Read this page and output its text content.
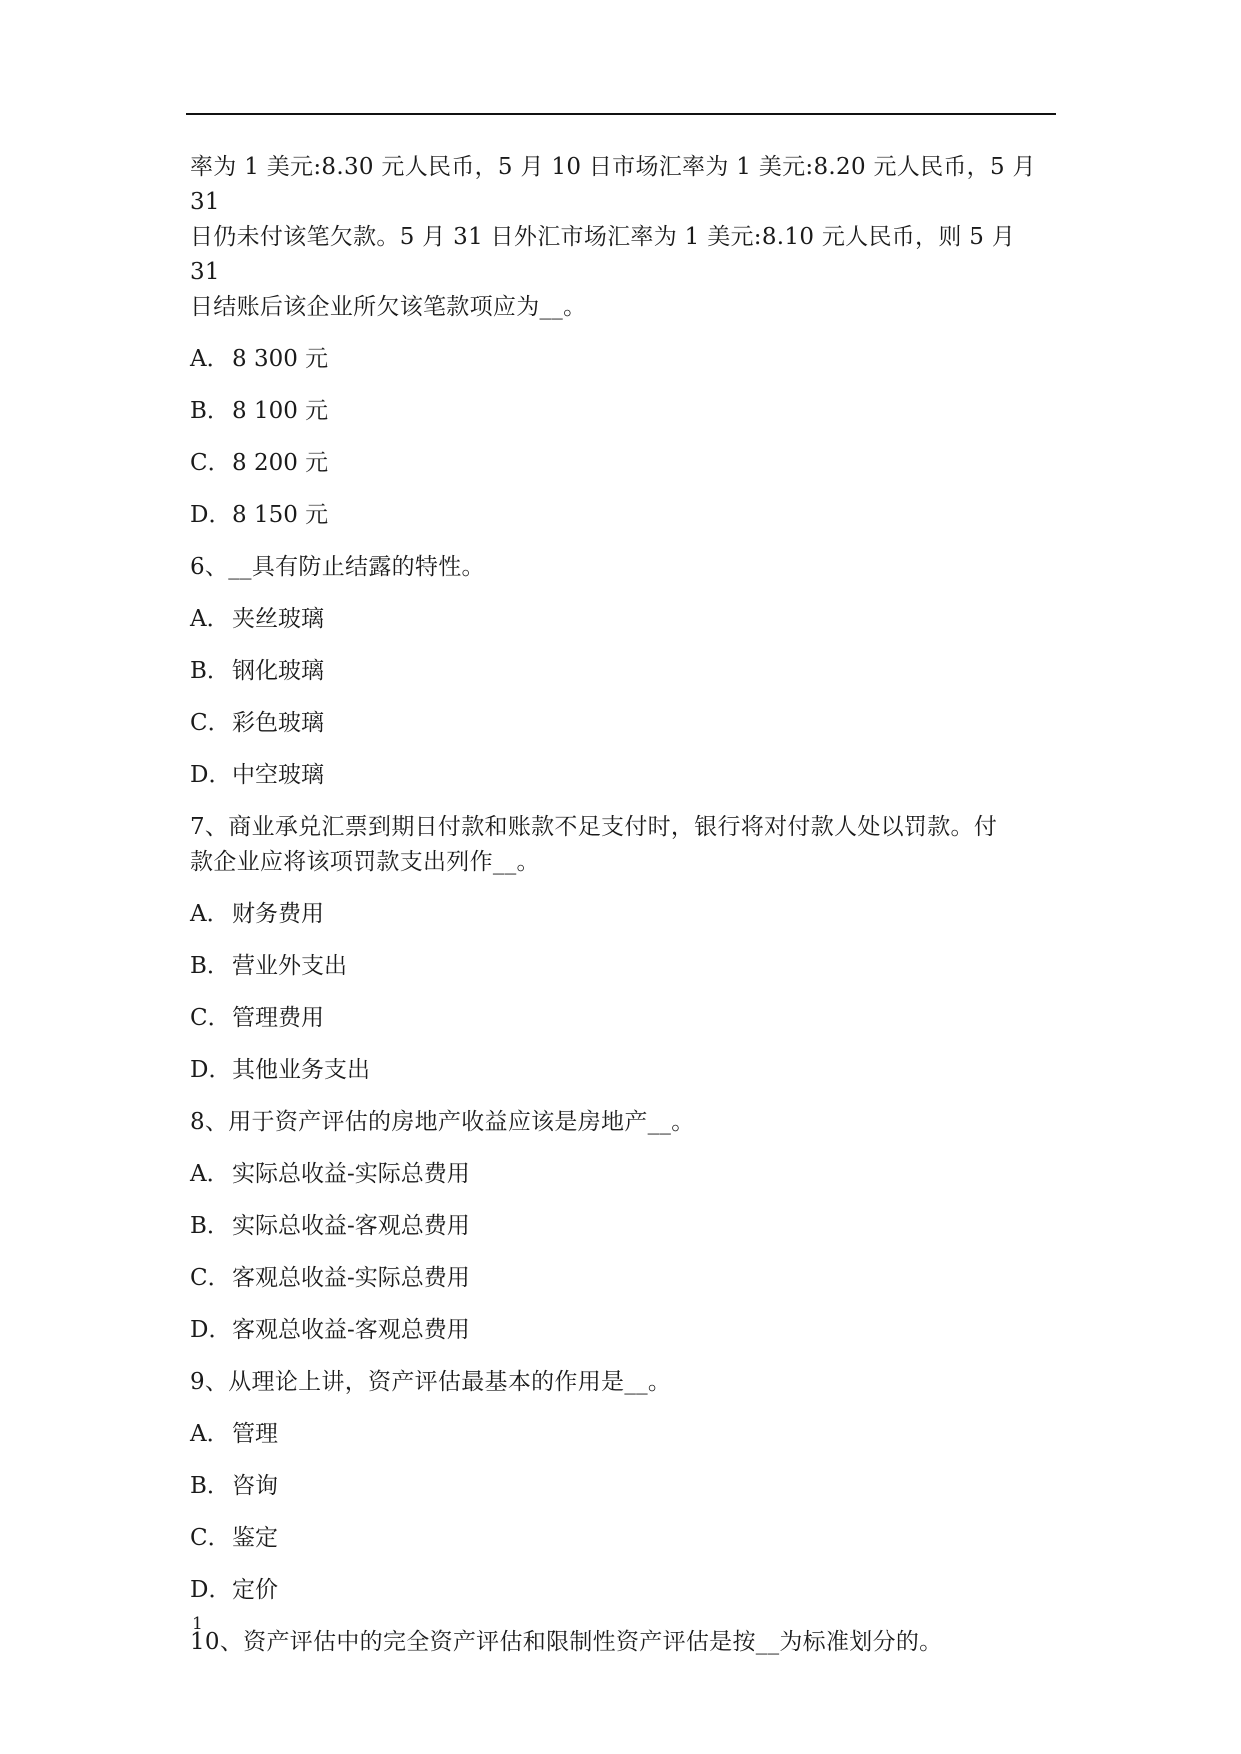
率为 1 美元:8.30 元人民币，5 月 10 日市场汇率为 1 美元:8.20 元人民币，5 月 31
日仍未付该笔欠款。5 月 31 日外汇市场汇率为 1 美元:8.10 元人民币，则 5 月 31
日结账后该企业所欠该笔款项应为__。
A． 8 300 元
B．8 100 元
C．8 200 元
D．8 150 元
6、__具有防止结露的特性。
A． 夹丝玻璃
B．钢化玻璃
C．彩色玻璃
D．中空玻璃
7、商业承兑汇票到期日付款和账款不足支付时，银行将对付款人处以罚款。付
款企业应将该项罚款支出列作__。
A． 财务费用
B．营业外支出
C．管理费用
D．其他业务支出
8、用于资产评估的房地产收益应该是房地产__。
A． 实际总收益-实际总费用
B．实际总收益-客观总费用
C．客观总收益-实际总费用
D．客观总收益-客观总费用
9、从理论上讲，资产评估最基本的作用是__。
A． 管理
B．咨询
C．鉴定
D．定价
10、资产评估中的完全资产评估和限制性资产评估是按__为标准划分的。
1
